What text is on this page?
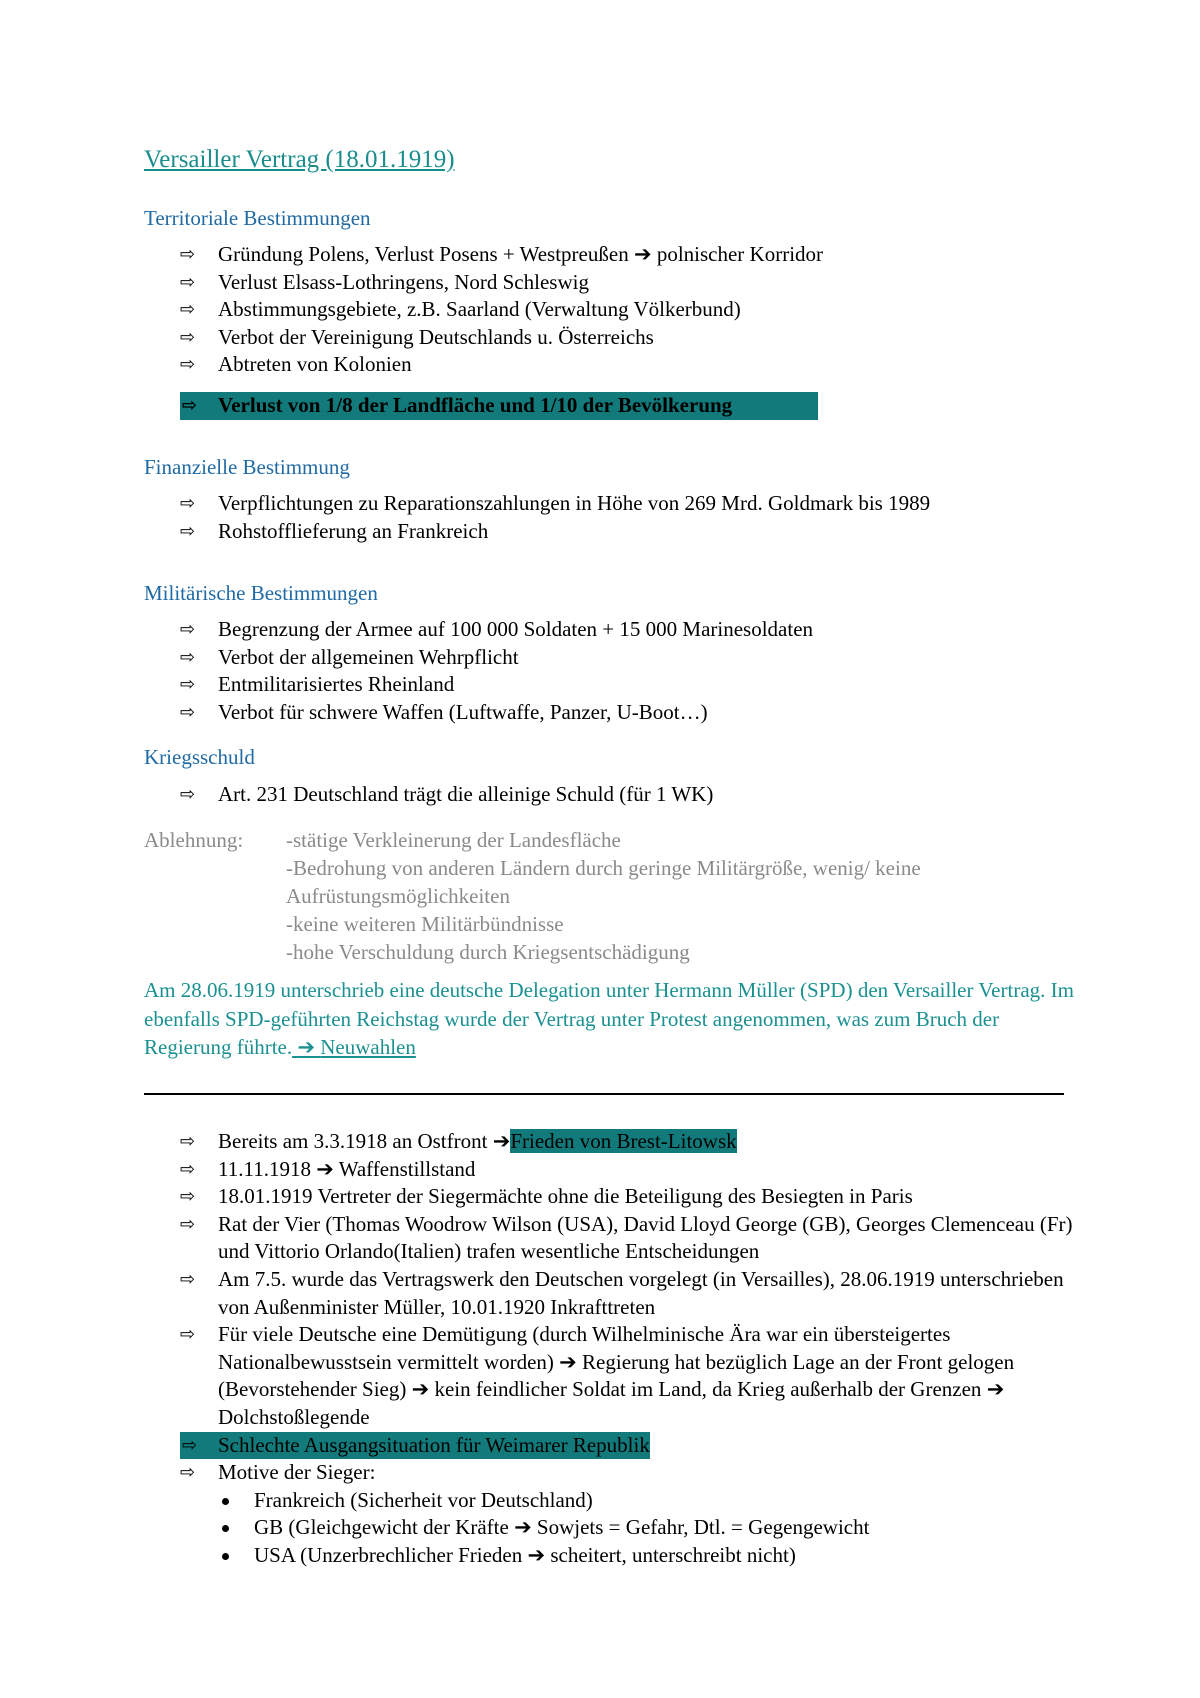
Versailler Vertrag (18.01.1919)
Territoriale Bestimmungen
⇨ Gründung Polens, Verlust Posens + Westpreußen ➔ polnischer Korridor
⇨ Verlust Elsass-Lothringens, Nord Schleswig
⇨ Abstimmungsgebiete, z.B. Saarland (Verwaltung Völkerbund)
⇨ Verbot der Vereinigung Deutschlands u. Österreichs
⇨ Abtreten von Kolonien
⇨ Verlust von 1/8 der Landfläche und 1/10 der Bevölkerung
Finanzielle Bestimmung
⇨ Verpflichtungen zu Reparationszahlungen in Höhe von 269 Mrd. Goldmark bis 1989
⇨ Rohstofflieferung an Frankreich
Militärische Bestimmungen
⇨ Begrenzung der Armee auf 100 000 Soldaten + 15 000 Marinesoldaten
⇨ Verbot der allgemeinen Wehrpflicht
⇨ Entmilitarisiertes Rheinland
⇨ Verbot für schwere Waffen (Luftwaffe, Panzer, U-Boot…)
Kriegsschuld
⇨ Art. 231 Deutschland trägt die alleinige Schuld (für 1 WK)
Ablehnung: -stätige Verkleinerung der Landesfläche
-Bedrohung von anderen Ländern durch geringe Militärgröße, wenig/ keine Aufrüstungsmöglichkeiten
-keine weiteren Militärbündnisse
-hohe Verschuldung durch Kriegsentschädigung
Am 28.06.1919 unterschrieb eine deutsche Delegation unter Hermann Müller (SPD) den Versailler Vertrag. Im ebenfalls SPD-geführten Reichstag wurde der Vertrag unter Protest angenommen, was zum Bruch der Regierung führte. ➔ Neuwahlen
⇨ Bereits am 3.3.1918 an Ostfront ➔Frieden von Brest-Litowsk
⇨ 11.11.1918 ➔ Waffenstillstand
⇨ 18.01.1919 Vertreter der Siegermächte ohne die Beteiligung des Besiegten in Paris
⇨ Rat der Vier (Thomas Woodrow Wilson (USA), David Lloyd George (GB), Georges Clemenceau (Fr) und Vittorio Orlando(Italien) trafen wesentliche Entscheidungen
⇨ Am 7.5. wurde das Vertragswerk den Deutschen vorgelegt (in Versailles), 28.06.1919 unterschrieben von Außenminister Müller, 10.01.1920 Inkrafttreten
⇨ Für viele Deutsche eine Demütigung (durch Wilhelminische Ära war ein übersteigertes Nationalbewusstsein vermittelt worden) ➔ Regierung hat bezüglich Lage an der Front gelogen (Bevorstehender Sieg) ➔ kein feindlicher Soldat im Land, da Krieg außerhalb der Grenzen ➔ Dolchstoßlegende
⇨ Schlechte Ausgangsituation für Weimarer Republik
⇨ Motive der Sieger:
Frankreich (Sicherheit vor Deutschland)
GB (Gleichgewicht der Kräfte ➔ Sowjets = Gefahr, Dtl. = Gegengewicht
USA (Unzerbrechlicher Frieden ➔ scheitert, unterschreibt nicht)
